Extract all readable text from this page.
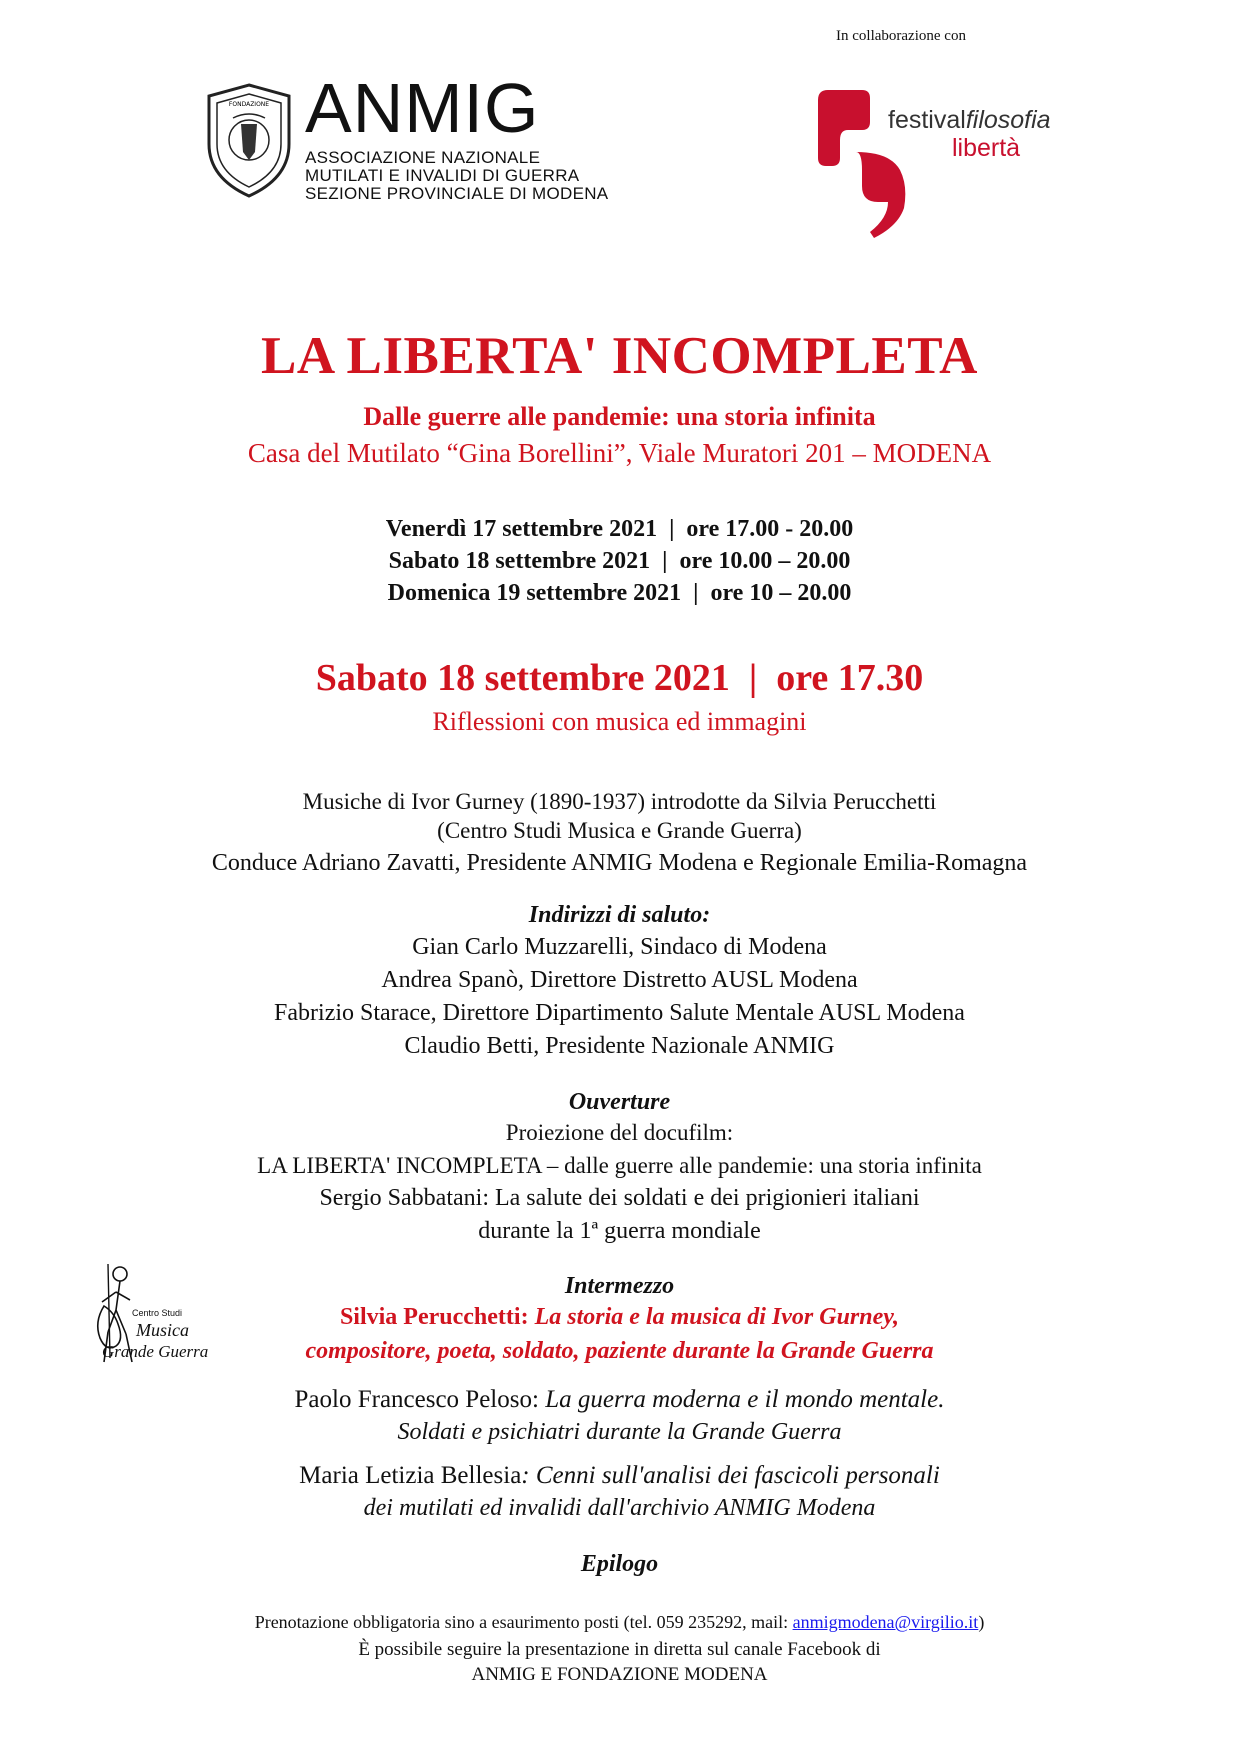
In collaborazione con
FONDAZIONE ANMIG
ASSOCIAZIONE NAZIONALE
MUTILATI E INVALIDI DI GUERRA
SEZIONE PROVINCIALE DI MODENA
festivalfilosofia
libertà
LA LIBERTA' INCOMPLETA
Dalle guerre alle pandemie: una storia infinita
Casa del Mutilato “Gina Borellini”, Viale Muratori 201 – MODENA
Venerdì 17 settembre 2021  |  ore 17.00 - 20.00
Sabato 18 settembre 2021  |  ore 10.00 – 20.00
Domenica 19 settembre 2021  |  ore 10 – 20.00
Sabato 18 settembre 2021  |  ore 17.30
Riflessioni con musica ed immagini
Musiche di Ivor Gurney (1890-1937) introdotte da Silvia Perucchetti
(Centro Studi Musica e Grande Guerra)
Conduce Adriano Zavatti, Presidente ANMIG Modena e Regionale Emilia-Romagna
Indirizzi di saluto:
Gian Carlo Muzzarelli, Sindaco di Modena
Andrea Spanò, Direttore Distretto AUSL Modena
Fabrizio Starace, Direttore Dipartimento Salute Mentale AUSL Modena
Claudio Betti, Presidente Nazionale ANMIG
Ouverture
Proiezione del docufilm:
LA LIBERTA' INCOMPLETA – dalle guerre alle pandemie: una storia infinita
Sergio Sabbatani: La salute dei soldati e dei prigionieri italiani
durante la 1ª guerra mondiale
Intermezzo
Silvia Perucchetti: La storia e la musica di Ivor Gurney,
compositore, poeta, soldato, paziente durante la Grande Guerra
Paolo Francesco Peloso: La guerra moderna e il mondo mentale.
Soldati e psichiatri durante la Grande Guerra
Maria Letizia Bellesia: Cenni sull'analisi dei fascicoli personali
dei mutilati ed invalidi dall'archivio ANMIG Modena
Epilogo
Centro Studi
Musica
Grande Guerra
Prenotazione obbligatoria sino a esaurimento posti (tel. 059 235292, mail: anmigmodena@virgilio.it)
È possibile seguire la presentazione in diretta sul canale Facebook di
ANMIG E FONDAZIONE MODENA
